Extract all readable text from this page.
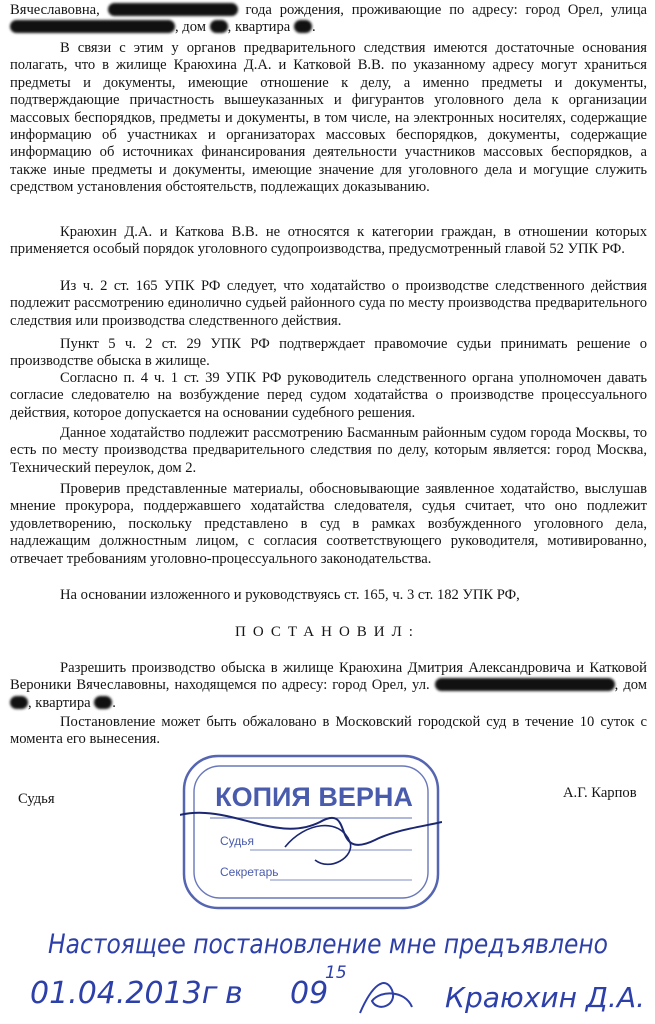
Вячеславовна,	года рождения, проживающие по адресу: город Орел, улица , дом , квартира .
В связи с этим у органов предварительного следствия имеются достаточные основания полагать, что в жилище Краюхина Д.А. и Катковой В.В. по указанному адресу могут храниться предметы и документы, имеющие отношение к делу, а именно предметы и документы, подтверждающие причастность вышеуказанных и фигурантов уголовного дела к организации массовых беспорядков, предметы и документы, в том числе, на электронных носителях, содержащие информацию об участниках и организаторах массовых беспорядков, документы, содержащие информацию об источниках финансирования деятельности участников массовых беспорядков, а также иные предметы и документы, имеющие значение для уголовного дела и могущие служить средством установления обстоятельств, подлежащих доказыванию.
Краюхин Д.А. и Каткова В.В. не относятся к категории граждан, в отношении которых применяется особый порядок уголовного судопроизводства, предусмотренный главой 52 УПК РФ.
Из ч. 2 ст. 165 УПК РФ следует, что ходатайство о производстве следственного действия подлежит рассмотрению единолично судьей районного суда по месту производства предварительного следствия или производства следственного действия.
Пункт 5 ч. 2 ст. 29 УПК РФ подтверждает правомочие судьи принимать решение о производстве обыска в жилище.
Согласно п. 4 ч. 1 ст. 39 УПК РФ руководитель следственного органа уполномочен давать согласие следователю на возбуждение перед судом ходатайства о производстве процессуального действия, которое допускается на основании судебного решения.
Данное ходатайство подлежит рассмотрению Басманным районным судом города Москвы, то есть по месту производства предварительного следствия по делу, которым является: город Москва, Технический переулок, дом 2.
Проверив представленные материалы, обосновывающие заявленное ходатайство, выслушав мнение прокурора, поддержавшего ходатайства следователя, судья считает, что оно подлежит удовлетворению, поскольку представлено в суд в рамках возбужденного уголовного дела, надлежащим должностным лицом, с согласия соответствующего руководителя, мотивированно, отвечает требованиям уголовно-процессуального законодательства.
На основании изложенного и руководствуясь ст. 165, ч. 3 ст. 182 УПК РФ,
ПОСТАНОВИЛ:
Разрешить производство обыска в жилище Краюхина Дмитрия Александровича и Катковой Вероники Вячеславовны, находящемся по адресу: город Орел, ул.	, дом , квартира .
Постановление может быть обжаловано в Московский городской суд в течение 10 суток с момента его вынесения.
Судья	А.Г. Карпов
КОПИЯ ВЕРНА
Судья
Секретарь
Настоящее постановление мне предъявлено
01.04.2013г в 09
15
Краюхин Д.А.
